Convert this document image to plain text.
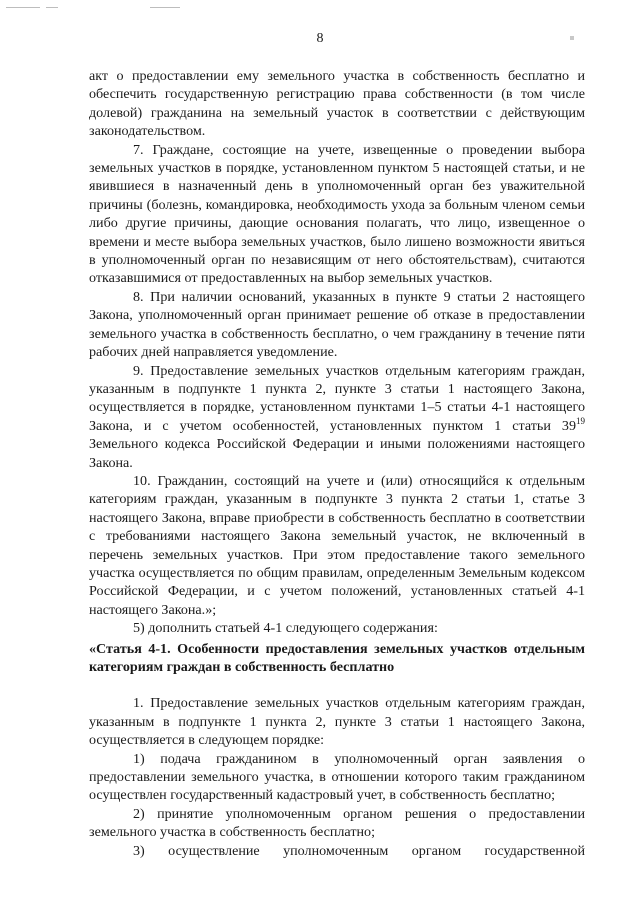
8

акт о предоставлении ему земельного участка в собственность бесплатно и обеспечить государственную регистрацию права собственности (в том числе долевой) гражданина на земельный участок в соответствии с действующим законодательством.

7. Граждане, состоящие на учете, извещенные о проведении выбора земельных участков в порядке, установленном пунктом 5 настоящей статьи, и не явившиеся в назначенный день в уполномоченный орган без уважительной причины (болезнь, командировка, необходимость ухода за больным членом семьи либо другие причины, дающие основания полагать, что лицо, извещенное о времени и месте выбора земельных участков, было лишено возможности явиться в уполномоченный орган по независящим от него обстоятельствам), считаются отказавшимися от предоставленных на выбор земельных участков.

8. При наличии оснований, указанных в пункте 9 статьи 2 настоящего Закона, уполномоченный орган принимает решение об отказе в предоставлении земельного участка в собственность бесплатно, о чем гражданину в течение пяти рабочих дней направляется уведомление.

9. Предоставление земельных участков отдельным категориям граждан, указанным в подпункте 1 пункта 2, пункте 3 статьи 1 настоящего Закона, осуществляется в порядке, установленном пунктами 1–5 статьи 4-1 настоящего Закона, и с учетом особенностей, установленных пунктом 1 статьи $39^{19}$ Земельного кодекса Российской Федерации и иными положениями настоящего Закона.

10. Гражданин, состоящий на учете и (или) относящийся к отдельным категориям граждан, указанным в подпункте 3 пункта 2 статьи 1, статье 3 настоящего Закона, вправе приобрести в собственность бесплатно в соответствии с требованиями настоящего Закона земельный участок, не включенный в перечень земельных участков. При этом предоставление такого земельного участка осуществляется по общим правилам, определенным Земельным кодексом Российской Федерации, и с учетом положений, установленных статьей 4-1 настоящего Закона.»;

5) дополнить статьей 4-1 следующего содержания:

«Статья 4-1. Особенности предоставления земельных участков отдельным категориям граждан в собственность бесплатно

1. Предоставление земельных участков отдельным категориям граждан, указанным в подпункте 1 пункта 2, пункте 3 статьи 1 настоящего Закона, осуществляется в следующем порядке:

1) подача гражданином в уполномоченный орган заявления о предоставлении земельного участка, в отношении которого таким гражданином осуществлен государственный кадастровый учет, в собственность бесплатно;

2) принятие уполномоченным органом решения о предоставлении земельного участка в собственность бесплатно;

3) осуществление уполномоченным органом государственной
